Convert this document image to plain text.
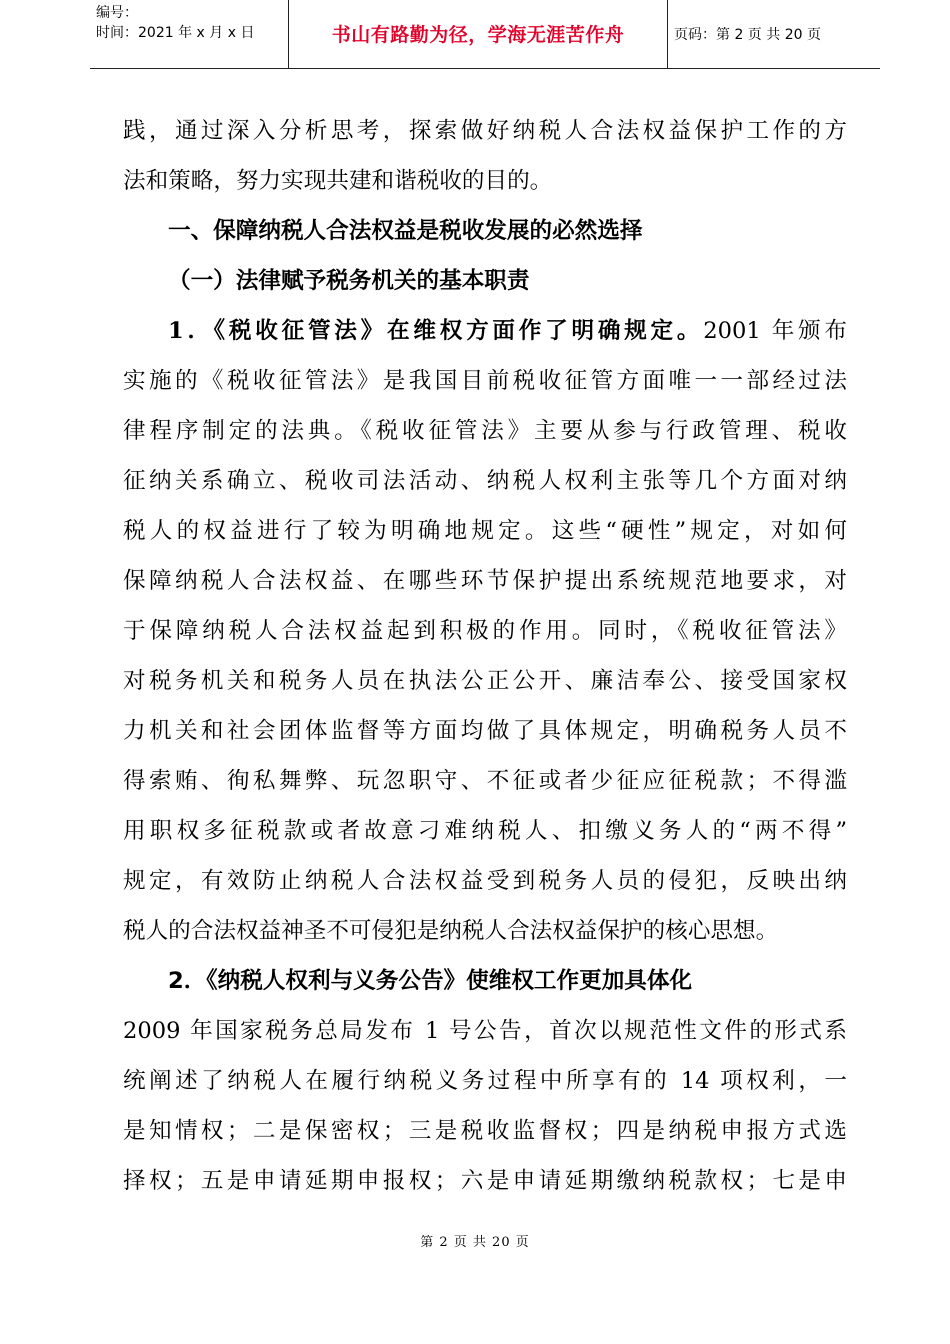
编号：
时间：2021 年 x 月 x 日	书山有路勤为径，学海无涯苦作舟	页码：第 2 页 共 20 页
践，通过深入分析思考，探索做好纳税人合法权益保护工作的方
法和策略，努力实现共建和谐税收的目的。
一、保障纳税人合法权益是税收发展的必然选择
（一）法律赋予税务机关的基本职责
1．《税收征管法》在维权方面作了明确规定。2001 年颁布
实施的《税收征管法》是我国目前税收征管方面唯一一部经过法
律程序制定的法典。《税收征管法》主要从参与行政管理、税收
征纳关系确立、税收司法活动、纳税人权利主张等几个方面对纳
税人的权益进行了较为明确地规定。这些“硬性”规定，对如何
保障纳税人合法权益、在哪些环节保护提出系统规范地要求，对
于保障纳税人合法权益起到积极的作用。同时，《税收征管法》
对税务机关和税务人员在执法公正公开、廉洁奉公、接受国家权
力机关和社会团体监督等方面均做了具体规定，明确税务人员不
得索贿、徇私舞弊、玩忽职守、不征或者少征应征税款；不得滥
用职权多征税款或者故意刁难纳税人、扣缴义务人的“两不得”
规定，有效防止纳税人合法权益受到税务人员的侵犯，反映出纳
税人的合法权益神圣不可侵犯是纳税人合法权益保护的核心思想。
2．《纳税人权利与义务公告》使维权工作更加具体化
2009 年国家税务总局发布 1 号公告，首次以规范性文件的形式系
统阐述了纳税人在履行纳税义务过程中所享有的 14 项权利，一
是知情权；二是保密权；三是税收监督权；四是纳税申报方式选
择权；五是申请延期申报权；六是申请延期缴纳税款权；七是申
第 2 页 共 20 页
